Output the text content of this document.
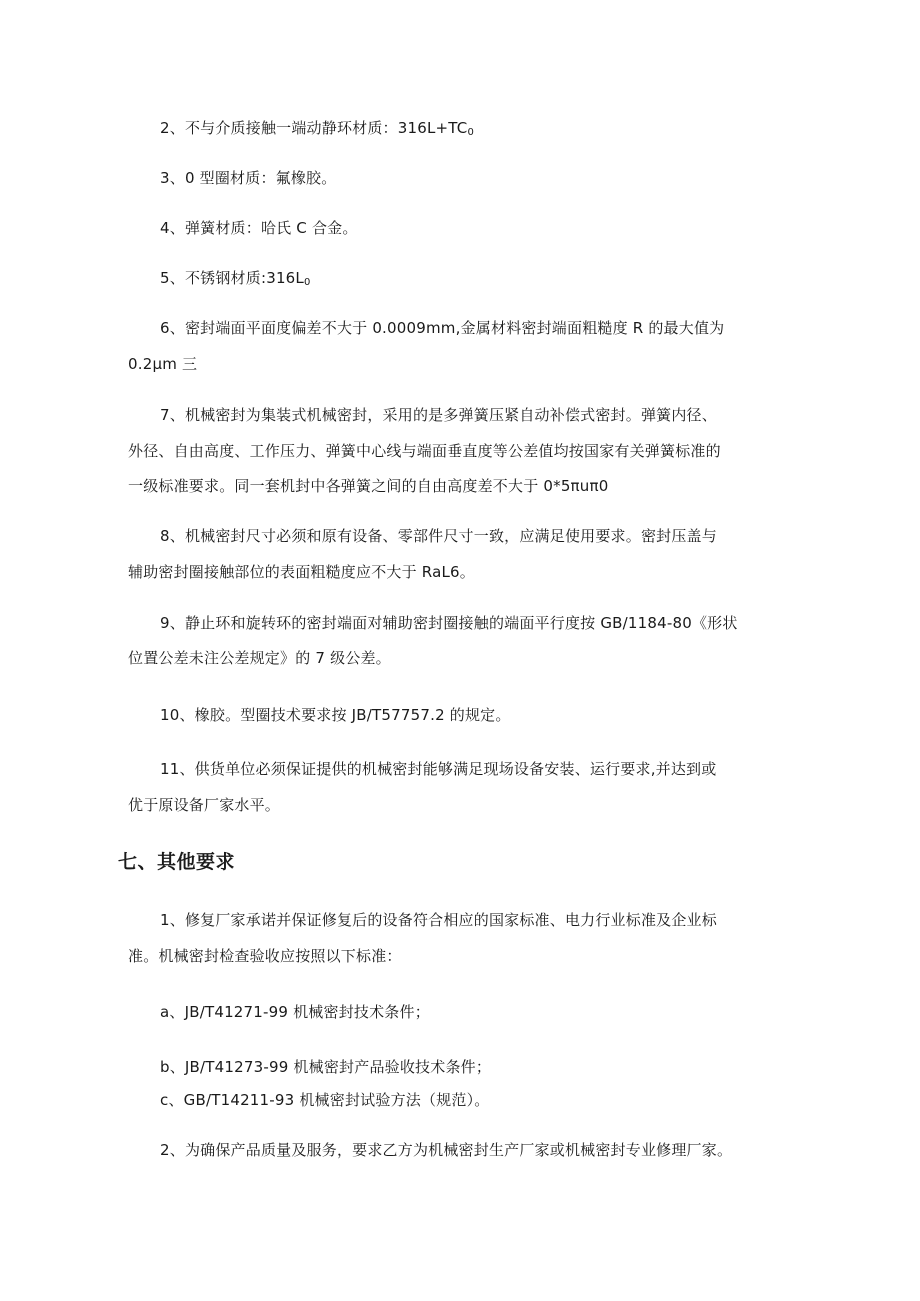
2、不与介质接触一端动静环材质：$316L+TC_0$
3、0 型圈材质：氟橡胶。
4、弹簧材质：哈氏 C 合金。
5、不锈钢材质$:316L_0$
6、密封端面平面度偏差不大于 0.0009mm,金属材料密封端面粗糙度 R 的最大值为
0.2μm 三
7、机械密封为集装式机械密封，采用的是多弹簧压紧自动补偿式密封。弹簧内径、
外径、自由高度、工作压力、弹簧中心线与端面垂直度等公差值均按国家有关弹簧标准的
一级标准要求。同一套机封中各弹簧之间的自由高度差不大于 0*5πuπ0
8、机械密封尺寸必须和原有设备、零部件尺寸一致，应满足使用要求。密封压盖与
辅助密封圈接触部位的表面粗糙度应不大于 RaL6。
9、静止环和旋转环的密封端面对辅助密封圈接触的端面平行度按 GB/1184-80《形状
位置公差未注公差规定》的 7 级公差。
10、橡胶。型圈技术要求按 JB/T57757.2 的规定。
11、供货单位必须保证提供的机械密封能够满足现场设备安装、运行要求,并达到或
优于原设备厂家水平。
七、其他要求
1、修复厂家承诺并保证修复后的设备符合相应的国家标准、电力行业标准及企业标
准。机械密封检查验收应按照以下标准：
a、JB/T41271-99 机械密封技术条件；
b、JB/T41273-99 机械密封产品验收技术条件；
c、GB/T14211-93 机械密封试验方法（规范）。
2、为确保产品质量及服务，要求乙方为机械密封生产厂家或机械密封专业修理厂家。
